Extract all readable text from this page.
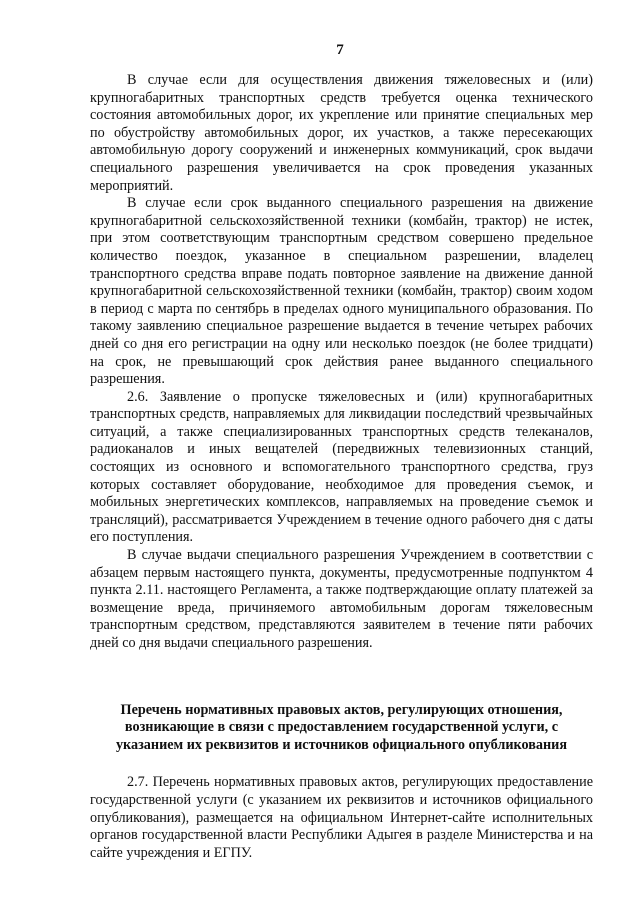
7

В случае если для осуществления движения тяжеловесных и (или) крупногабаритных транспортных средств требуется оценка технического состояния автомобильных дорог, их укрепление или принятие специальных мер по обустройству автомобильных дорог, их участков, а также пересекающих автомобильную дорогу сооружений и инженерных коммуникаций, срок выдачи специального разрешения увеличивается на срок проведения указанных мероприятий.

В случае если срок выданного специального разрешения на движение крупногабаритной сельскохозяйственной техники (комбайн, трактор) не истек, при этом соответствующим транспортным средством совершено предельное количество поездок, указанное в специальном разрешении, владелец транспортного средства вправе подать повторное заявление на движение данной крупногабаритной сельскохозяйственной техники (комбайн, трактор) своим ходом в период с марта по сентябрь в пределах одного муниципального образования. По такому заявлению специальное разрешение выдается в течение четырех рабочих дней со дня его регистрации на одну или несколько поездок (не более тридцати) на срок, не превышающий срок действия ранее выданного специального разрешения.

2.6. Заявление о пропуске тяжеловесных и (или) крупногабаритных транспортных средств, направляемых для ликвидации последствий чрезвычайных ситуаций, а также специализированных транспортных средств телеканалов, радиоканалов и иных вещателей (передвижных телевизионных станций, состоящих из основного и вспомогательного транспортного средства, груз которых составляет оборудование, необходимое для проведения съемок, и мобильных энергетических комплексов, направляемых на проведение съемок и трансляций), рассматривается Учреждением в течение одного рабочего дня с даты его поступления.

В случае выдачи специального разрешения Учреждением в соответствии с абзацем первым настоящего пункта, документы, предусмотренные подпунктом 4 пункта 2.11. настоящего Регламента, а также подтверждающие оплату платежей за возмещение вреда, причиняемого автомобильным дорогам тяжеловесным транспортным средством, представляются заявителем в течение пяти рабочих дней со дня выдачи специального разрешения.

Перечень нормативных правовых актов, регулирующих отношения, возникающие в связи с предоставлением государственной услуги, с указанием их реквизитов и источников официального опубликования

2.7. Перечень нормативных правовых актов, регулирующих предоставление государственной услуги (с указанием их реквизитов и источников официального опубликования), размещается на официальном Интернет-сайте исполнительных органов государственной власти Республики Адыгея в разделе Министерства и на сайте учреждения и ЕГПУ.
